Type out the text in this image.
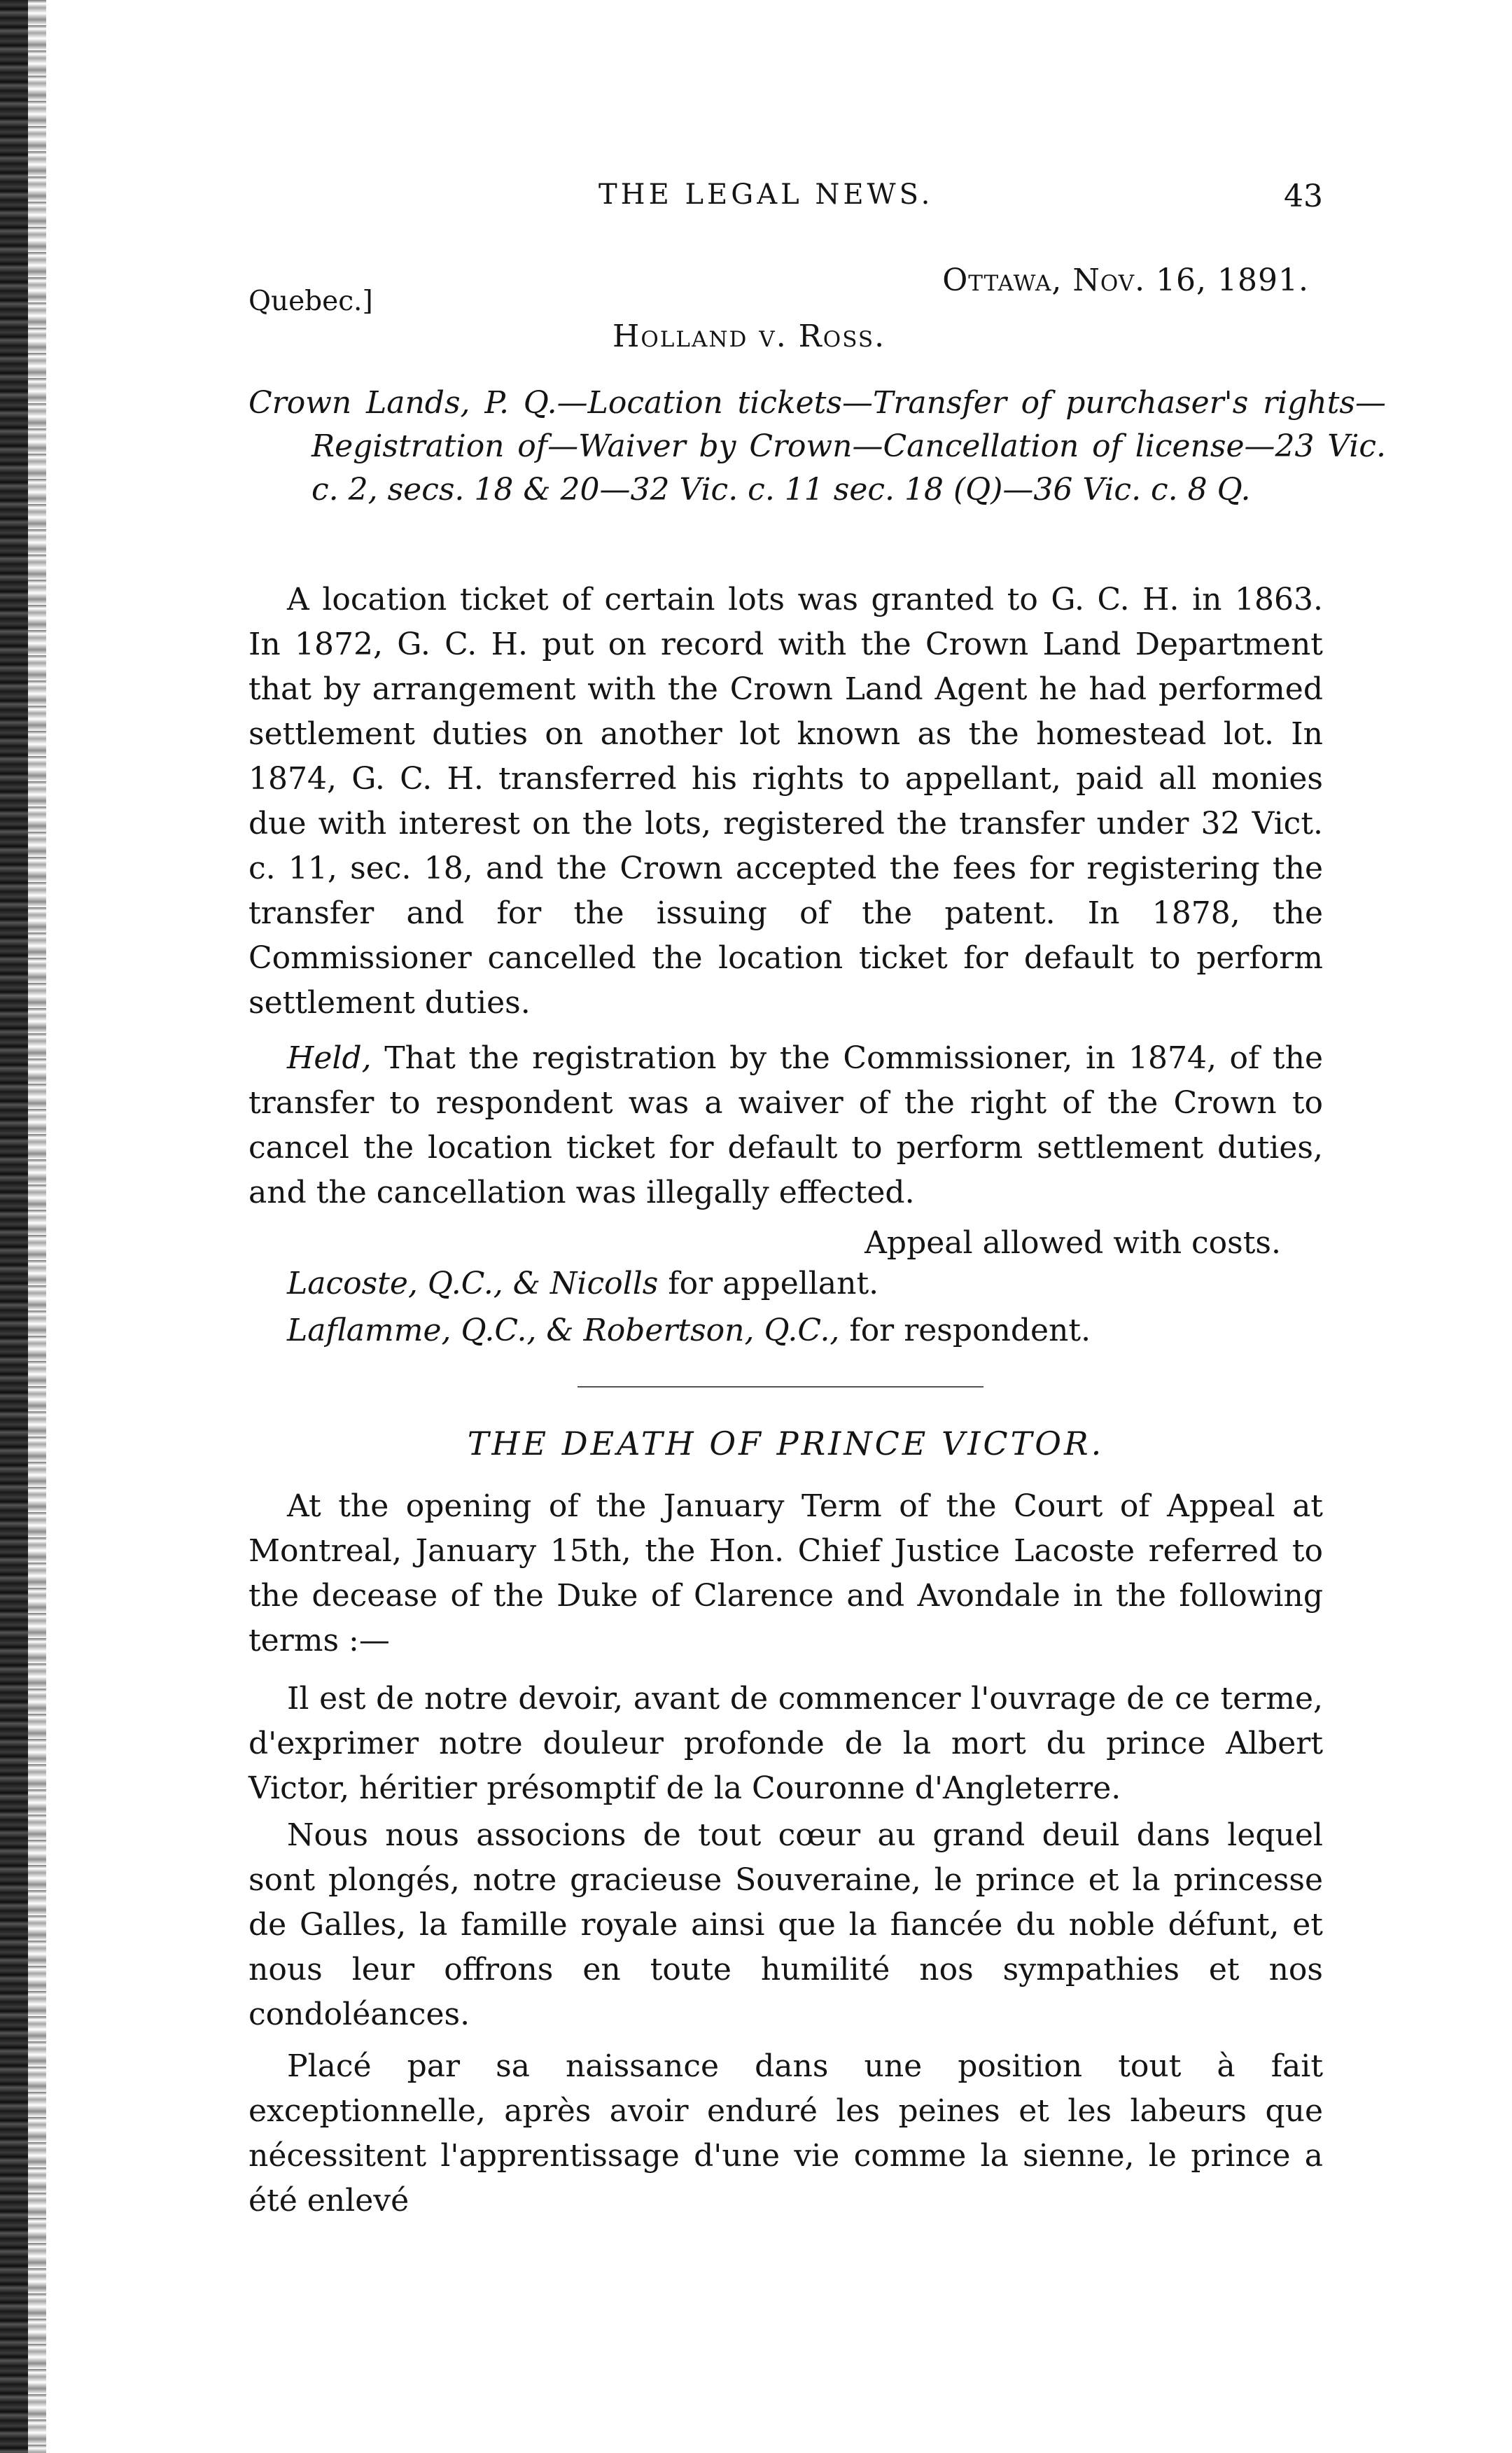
THE LEGAL NEWS.	43
Quebec.]
Ottawa, Nov. 16, 1891.
Holland v. Ross.
Crown Lands, P. Q.—Location tickets—Transfer of purchaser's rights—Registration of—Waiver by Crown—Cancellation of license—23 Vic. c. 2, secs. 18 & 20—32 Vic. c. 11 sec. 18 (Q)—36 Vic. c. 8 Q.
A location ticket of certain lots was granted to G. C. H. in 1863. In 1872, G. C. H. put on record with the Crown Land Department that by arrangement with the Crown Land Agent he had performed settlement duties on another lot known as the homestead lot. In 1874, G. C. H. transferred his rights to appellant, paid all monies due with interest on the lots, registered the transfer under 32 Vict. c. 11, sec. 18, and the Crown accepted the fees for registering the transfer and for the issuing of the patent. In 1878, the Commissioner cancelled the location ticket for default to perform settlement duties.
Held, That the registration by the Commissioner, in 1874, of the transfer to respondent was a waiver of the right of the Crown to cancel the location ticket for default to perform settlement duties, and the cancellation was illegally effected.
Appeal allowed with costs.
Lacoste, Q.C., & Nicolls for appellant.
Laflamme, Q.C., & Robertson, Q.C., for respondent.
THE DEATH OF PRINCE VICTOR.
At the opening of the January Term of the Court of Appeal at Montreal, January 15th, the Hon. Chief Justice Lacoste referred to the decease of the Duke of Clarence and Avondale in the following terms :—
Il est de notre devoir, avant de commencer l'ouvrage de ce terme, d'exprimer notre douleur profonde de la mort du prince Albert Victor, héritier présomptif de la Couronne d'Angleterre.
Nous nous associons de tout cœur au grand deuil dans lequel sont plongés, notre gracieuse Souveraine, le prince et la princesse de Galles, la famille royale ainsi que la fiancée du noble défunt, et nous leur offrons en toute humilité nos sympathies et nos condoléances.
Placé par sa naissance dans une position tout à fait exceptionnelle, après avoir enduré les peines et les labeurs que nécessitent l'apprentissage d'une vie comme la sienne, le prince a été enlevé
